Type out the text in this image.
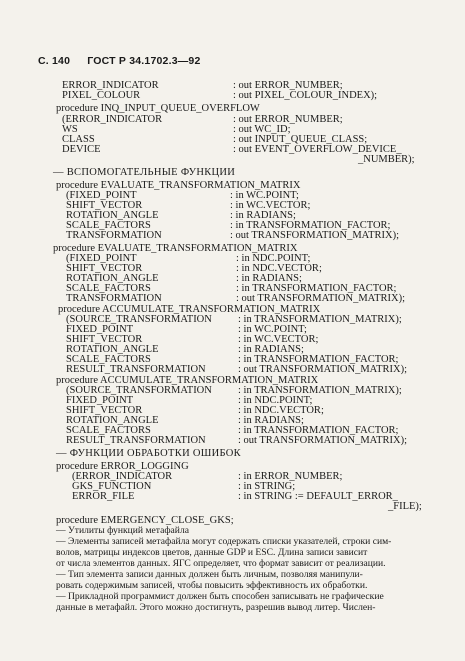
С. 140 ГОСТ Р 34.1702.3—92
ERROR_INDICATOR	: out ERROR_NUMBER;
PIXEL_COLOUR	: out PIXEL_COLOUR_INDEX);
procedure INQ_INPUT_QUEUE_OVERFLOW
(ERROR_INDICATOR	: out ERROR_NUMBER;
WS	: out WC_ID;
CLASS	: out INPUT_QUEUE_CLASS;
DEVICE	: out EVENT_OVERFLOW_DEVICE_
_NUMBER);
— ВСПОМОГАТЕЛЬНЫЕ ФУНКЦИИ
procedure EVALUATE_TRANSFORMATION_MATRIX
(FIXED_POINT	: in WC.POINT;
SHIFT_VECTOR	: in WC.VECTOR;
ROTATION_ANGLE	: in RADIANS;
SCALE_FACTORS	: in TRANSFORMATION_FACTOR;
TRANSFORMATION	: out TRANSFORMATION_MATRIX);
procedure EVALUATE_TRANSFORMATION_MATRIX
(FIXED_POINT	: in NDC.POINT;
SHIFT_VECTOR	: in NDC.VECTOR;
ROTATION_ANGLE	: in RADIANS;
SCALE_FACTORS	: in TRANSFORMATION_FACTOR;
TRANSFORMATION	: out TRANSFORMATION_MATRIX);
procedure ACCUMULATE_TRANSFORMATION_MATRIX
(SOURCE_TRANSFORMATION : in TRANSFORMATION_MATRIX);
FIXED_POINT	: in WC.POINT;
SHIFT_VECTOR	: in WC.VECTOR;
ROTATION_ANGLE	: in RADIANS;
SCALE_FACTORS	: in TRANSFORMATION_FACTOR;
RESULT_TRANSFORMATION	: out TRANSFORMATION_MATRIX);
procedure ACCUMULATE_TRANSFORMATION_MATRIX
(SOURCE_TRANSFORMATION : in TRANSFORMATION_MATRIX);
FIXED_POINT	: in NDC.POINT;
SHIFT_VECTOR	: in NDC.VECTOR;
ROTATION_ANGLE	: in RADIANS;
SCALE_FACTORS	: in TRANSFORMATION_FACTOR;
RESULT_TRANSFORMATION	: out TRANSFORMATION_MATRIX);
— ФУНКЦИИ ОБРАБОТКИ ОШИБОК
procedure ERROR_LOGGING
(ERROR_INDICATOR	: in ERROR_NUMBER;
GKS_FUNCTION	: in STRING;
ERROR_FILE	: in STRING := DEFAULT_ERROR_
_FILE);
procedure EMERGENCY_CLOSE_GKS;
— Утилиты функций метафайла
— Элементы записей метафайла могут содержать списки указателей, строки сим-
волов, матрицы индексов цветов, данные GDP и ESC. Длина записи зависит
от числа элементов данных. ЯГС определяет, что формат зависит от реализации.
— Тип элемента записи данных должен быть личным, позволяя манипули-
ровать содержимым записей, чтобы повысить эффективность их обработки.
— Прикладной программист должен быть способен записывать не графические
данные в метафайл. Этого можно достигнуть, разрешив вывод литер. Числен-
